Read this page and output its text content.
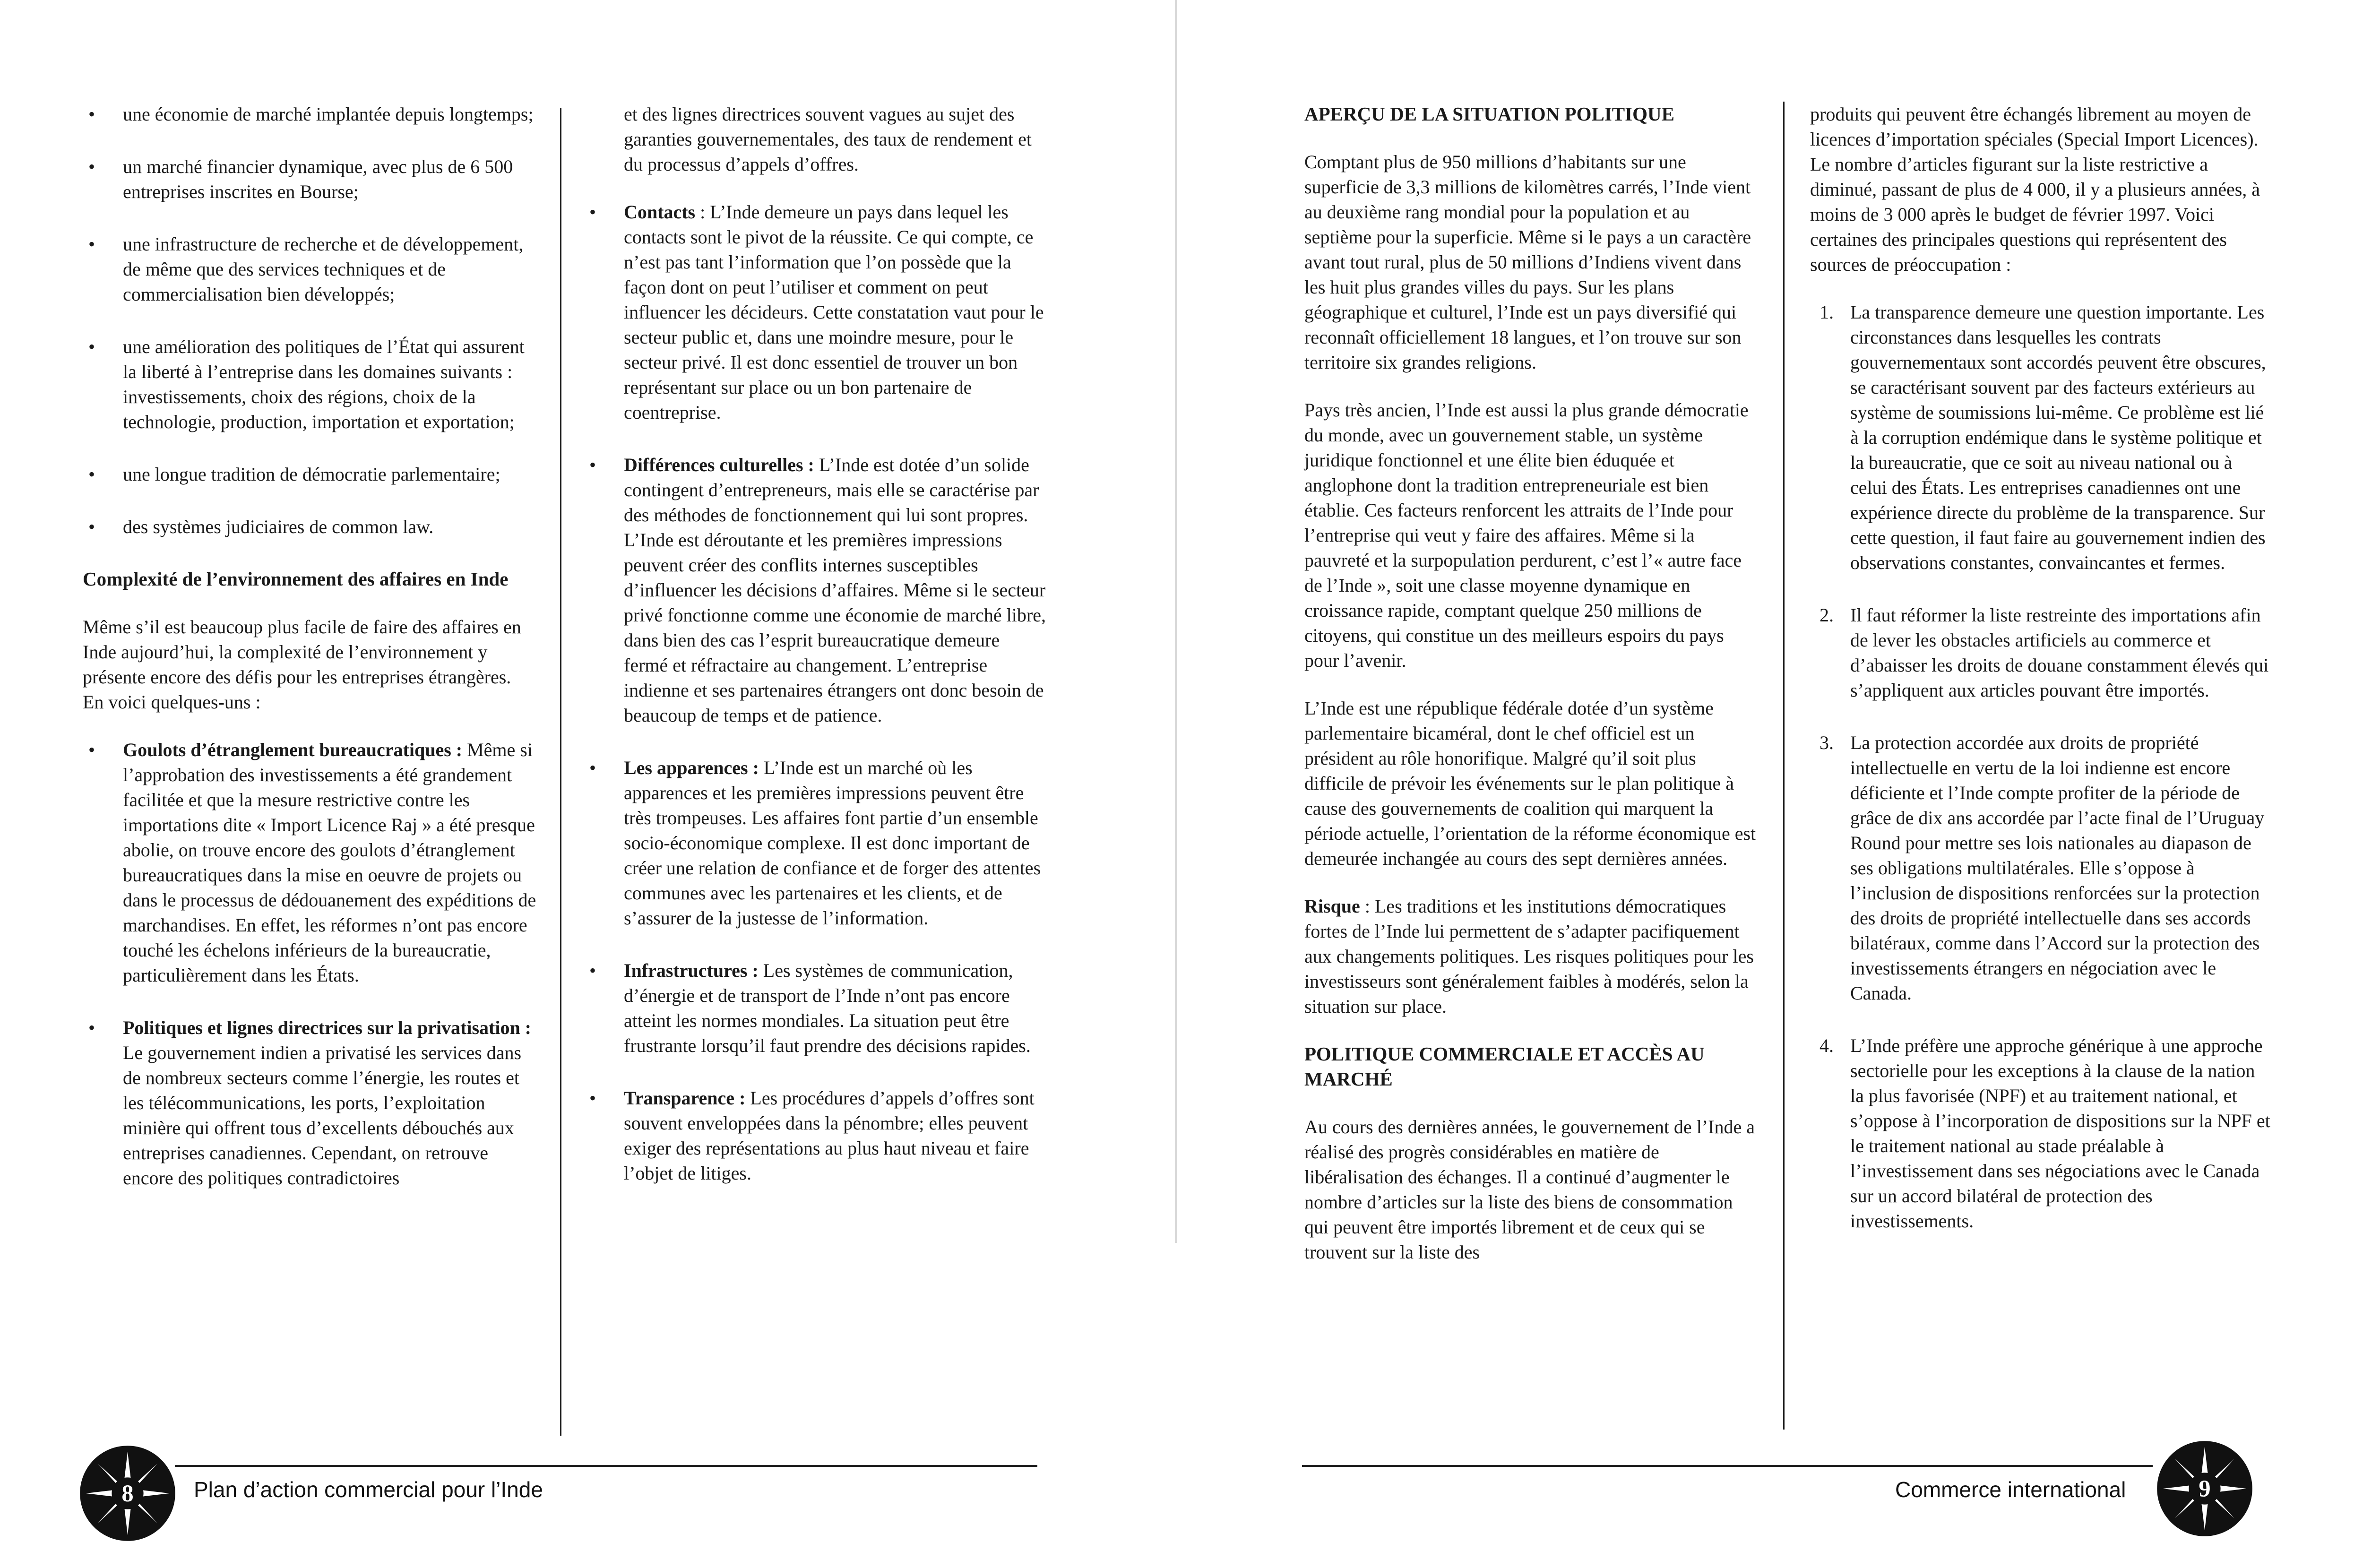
• une économie de marché implantée depuis longtemps;
• un marché financier dynamique, avec plus de 6 500 entreprises inscrites en Bourse;
• une infrastructure de recherche et de développement, de même que des services techniques et de commercialisation bien développés;
• une amélioration des politiques de l’État qui assurent la liberté à l’entreprise dans les domaines suivants : investissements, choix des régions, choix de la technologie, production, importation et exportation;
• une longue tradition de démocratie parlementaire;
• des systèmes judiciaires de common law.
Complexité de l’environnement des affaires en Inde

Même s’il est beaucoup plus facile de faire des affaires en Inde aujourd’hui, la complexité de l’environnement y présente encore des défis pour les entreprises étrangères. En voici quelques-uns :

• Goulots d’étranglement bureaucratiques : Même si l’approbation des investissements a été grandement facilitée et que la mesure restrictive contre les importations dite « Import Licence Raj » a été presque abolie, on trouve encore des goulots d’étranglement bureaucratiques dans la mise en oeuvre de projets ou dans le processus de dédouanement des expéditions de marchandises. En effet, les réformes n’ont pas encore touché les échelons inférieurs de la bureaucratie, particulièrement dans les États.
• Politiques et lignes directrices sur la privatisation : Le gouvernement indien a privatisé les services dans de nombreux secteurs comme l’énergie, les routes et les télécommunications, les ports, l’exploitation minière qui offrent tous d’excellents débouchés aux entreprises canadiennes. Cependant, on retrouve encore des politiques contradictoires

et des lignes directrices souvent vagues au sujet des garanties gouvernementales, des taux de rendement et du processus d’appels d’offres.

• Contacts : L’Inde demeure un pays dans lequel les contacts sont le pivot de la réussite. Ce qui compte, ce n’est pas tant l’information que l’on possède que la façon dont on peut l’utiliser et comment on peut influencer les décideurs. Cette constatation vaut pour le secteur public et, dans une moindre mesure, pour le secteur privé. Il est donc essentiel de trouver un bon représentant sur place ou un bon partenaire de coentreprise.
• Différences culturelles : L’Inde est dotée d’un solide contingent d’entrepreneurs, mais elle se caractérise par des méthodes de fonctionnement qui lui sont propres. L’Inde est déroutante et les premières impressions peuvent créer des conflits internes susceptibles d’influencer les décisions d’affaires. Même si le secteur privé fonctionne comme une économie de marché libre, dans bien des cas l’esprit bureaucratique demeure fermé et réfractaire au changement. L’entreprise indienne et ses partenaires étrangers ont donc besoin de beaucoup de temps et de patience.
• Les apparences : L’Inde est un marché où les apparences et les premières impressions peuvent être très trompeuses. Les affaires font partie d’un ensemble socio-économique complexe. Il est donc important de créer une relation de confiance et de forger des attentes communes avec les partenaires et les clients, et de s’assurer de la justesse de l’information.
• Infrastructures : Les systèmes de communication, d’énergie et de transport de l’Inde n’ont pas encore atteint les normes mondiales. La situation peut être frustrante lorsqu’il faut prendre des décisions rapides.
• Transparence : Les procédures d’appels d’offres sont souvent enveloppées dans la pénombre; elles peuvent exiger des représentations au plus haut niveau et faire l’objet de litiges.
8	Plan d’action commercial pour l’Inde
APERÇU DE LA SITUATION POLITIQUE

Comptant plus de 950 millions d’habitants sur une superficie de 3,3 millions de kilomètres carrés, l’Inde vient au deuxième rang mondial pour la population et au septième pour la superficie. Même si le pays a un caractère avant tout rural, plus de 50 millions d’Indiens vivent dans les huit plus grandes villes du pays. Sur les plans géographique et culturel, l’Inde est un pays diversifié qui reconnaît officiellement 18 langues, et l’on trouve sur son territoire six grandes religions.

Pays très ancien, l’Inde est aussi la plus grande démocratie du monde, avec un gouvernement stable, un système juridique fonctionnel et une élite bien éduquée et anglophone dont la tradition entrepreneuriale est bien établie. Ces facteurs renforcent les attraits de l’Inde pour l’entreprise qui veut y faire des affaires. Même si la pauvreté et la surpopulation perdurent, c’est l’« autre face de l’Inde », soit une classe moyenne dynamique en croissance rapide, comptant quelque 250 millions de citoyens, qui constitue un des meilleurs espoirs du pays pour l’avenir.

L’Inde est une république fédérale dotée d’un système parlementaire bicaméral, dont le chef officiel est un président au rôle honorifique. Malgré qu’il soit plus difficile de prévoir les événements sur le plan politique à cause des gouvernements de coalition qui marquent la période actuelle, l’orientation de la réforme économique est demeurée inchangée au cours des sept dernières années.

Risque : Les traditions et les institutions démocratiques fortes de l’Inde lui permettent de s’adapter pacifiquement aux changements politiques. Les risques politiques pour les investisseurs sont généralement faibles à modérés, selon la situation sur place.

POLITIQUE COMMERCIALE ET ACCÈS AU MARCHÉ

Au cours des dernières années, le gouvernement de l’Inde a réalisé des progrès considérables en matière de libéralisation des échanges. Il a continué d’augmenter le nombre d’articles sur la liste des biens de consommation qui peuvent être importés librement et de ceux qui se trouvent sur la liste des

produits qui peuvent être échangés librement au moyen de licences d’importation spéciales (Special Import Licences). Le nombre d’articles figurant sur la liste restrictive a diminué, passant de plus de 4 000, il y a plusieurs années, à moins de 3 000 après le budget de février 1997. Voici certaines des principales questions qui représentent des sources de préoccupation :

1. La transparence demeure une question importante. Les circonstances dans lesquelles les contrats gouvernementaux sont accordés peuvent être obscures, se caractérisant souvent par des facteurs extérieurs au système de soumissions lui-même. Ce problème est lié à la corruption endémique dans le système politique et la bureaucratie, que ce soit au niveau national ou à celui des États. Les entreprises canadiennes ont une expérience directe du problème de la transparence. Sur cette question, il faut faire au gouvernement indien des observations constantes, convaincantes et fermes.
2. Il faut réformer la liste restreinte des importations afin de lever les obstacles artificiels au commerce et d’abaisser les droits de douane constamment élevés qui s’appliquent aux articles pouvant être importés.
3. La protection accordée aux droits de propriété intellectuelle en vertu de la loi indienne est encore déficiente et l’Inde compte profiter de la période de grâce de dix ans accordée par l’acte final de l’Uruguay Round pour mettre ses lois nationales au diapason de ses obligations multilatérales. Elle s’oppose à l’inclusion de dispositions renforcées sur la protection des droits de propriété intellectuelle dans ses accords bilatéraux, comme dans l’Accord sur la protection des investissements étrangers en négociation avec le Canada.
4. L’Inde préfère une approche générique à une approche sectorielle pour les exceptions à la clause de la nation la plus favorisée (NPF) et au traitement national, et s’oppose à l’incorporation de dispositions sur la NPF et le traitement national au stade préalable à l’investissement dans ses négociations avec le Canada sur un accord bilatéral de protection des investissements.
Commerce international	9
